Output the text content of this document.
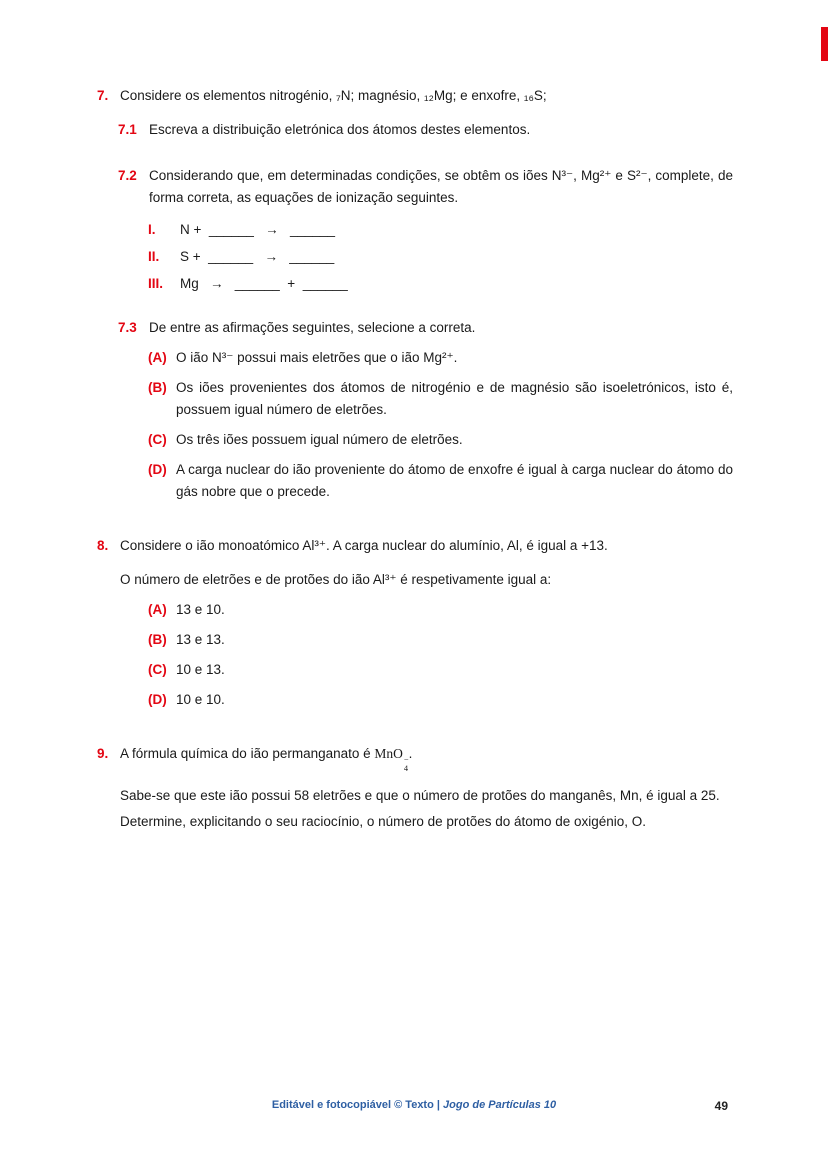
7. Considere os elementos nitrogénio, ₇N; magnésio, ₁₂Mg; e enxofre, ₁₆S;

7.1 Escreva a distribuição eletrónica dos átomos destes elementos.

7.2 Considerando que, em determinadas condições, se obtêm os iões N³⁻, Mg²⁺ e S²⁻, complete, de forma correta, as equações de ionização seguintes.

I.	N +  ______   →   ______

II.	S +  ______   →   ______

III.	Mg   →   ______  +  ______

7.3 De entre as afirmações seguintes, selecione a correta.

(A) O ião N³⁻ possui mais eletrões que o ião Mg²⁺.

(B) Os iões provenientes dos átomos de nitrogénio e de magnésio são isoeletrónicos, isto é, possuem igual número de eletrões.

(C) Os três iões possuem igual número de eletrões.

(D) A carga nuclear do ião proveniente do átomo de enxofre é igual à carga nuclear do átomo do gás nobre que o precede.

8. Considere o ião monoatómico Al³⁺. A carga nuclear do alumínio, Al, é igual a +13.

O número de eletrões e de protões do ião Al³⁺ é respetivamente igual a:

(A) 13 e 10.

(B) 13 e 13.

(C) 10 e 13.

(D) 10 e 10.

9. A fórmula química do ião permanganato é MnO −
4
.

Sabe-se que este ião possui 58 eletrões e que o número de protões do manganês, Mn, é igual a 25.

Determine, explicitando o seu raciocínio, o número de protões do átomo de oxigénio, O.

Editável e fotocopiável © Texto | Jogo de Partículas 10	49
